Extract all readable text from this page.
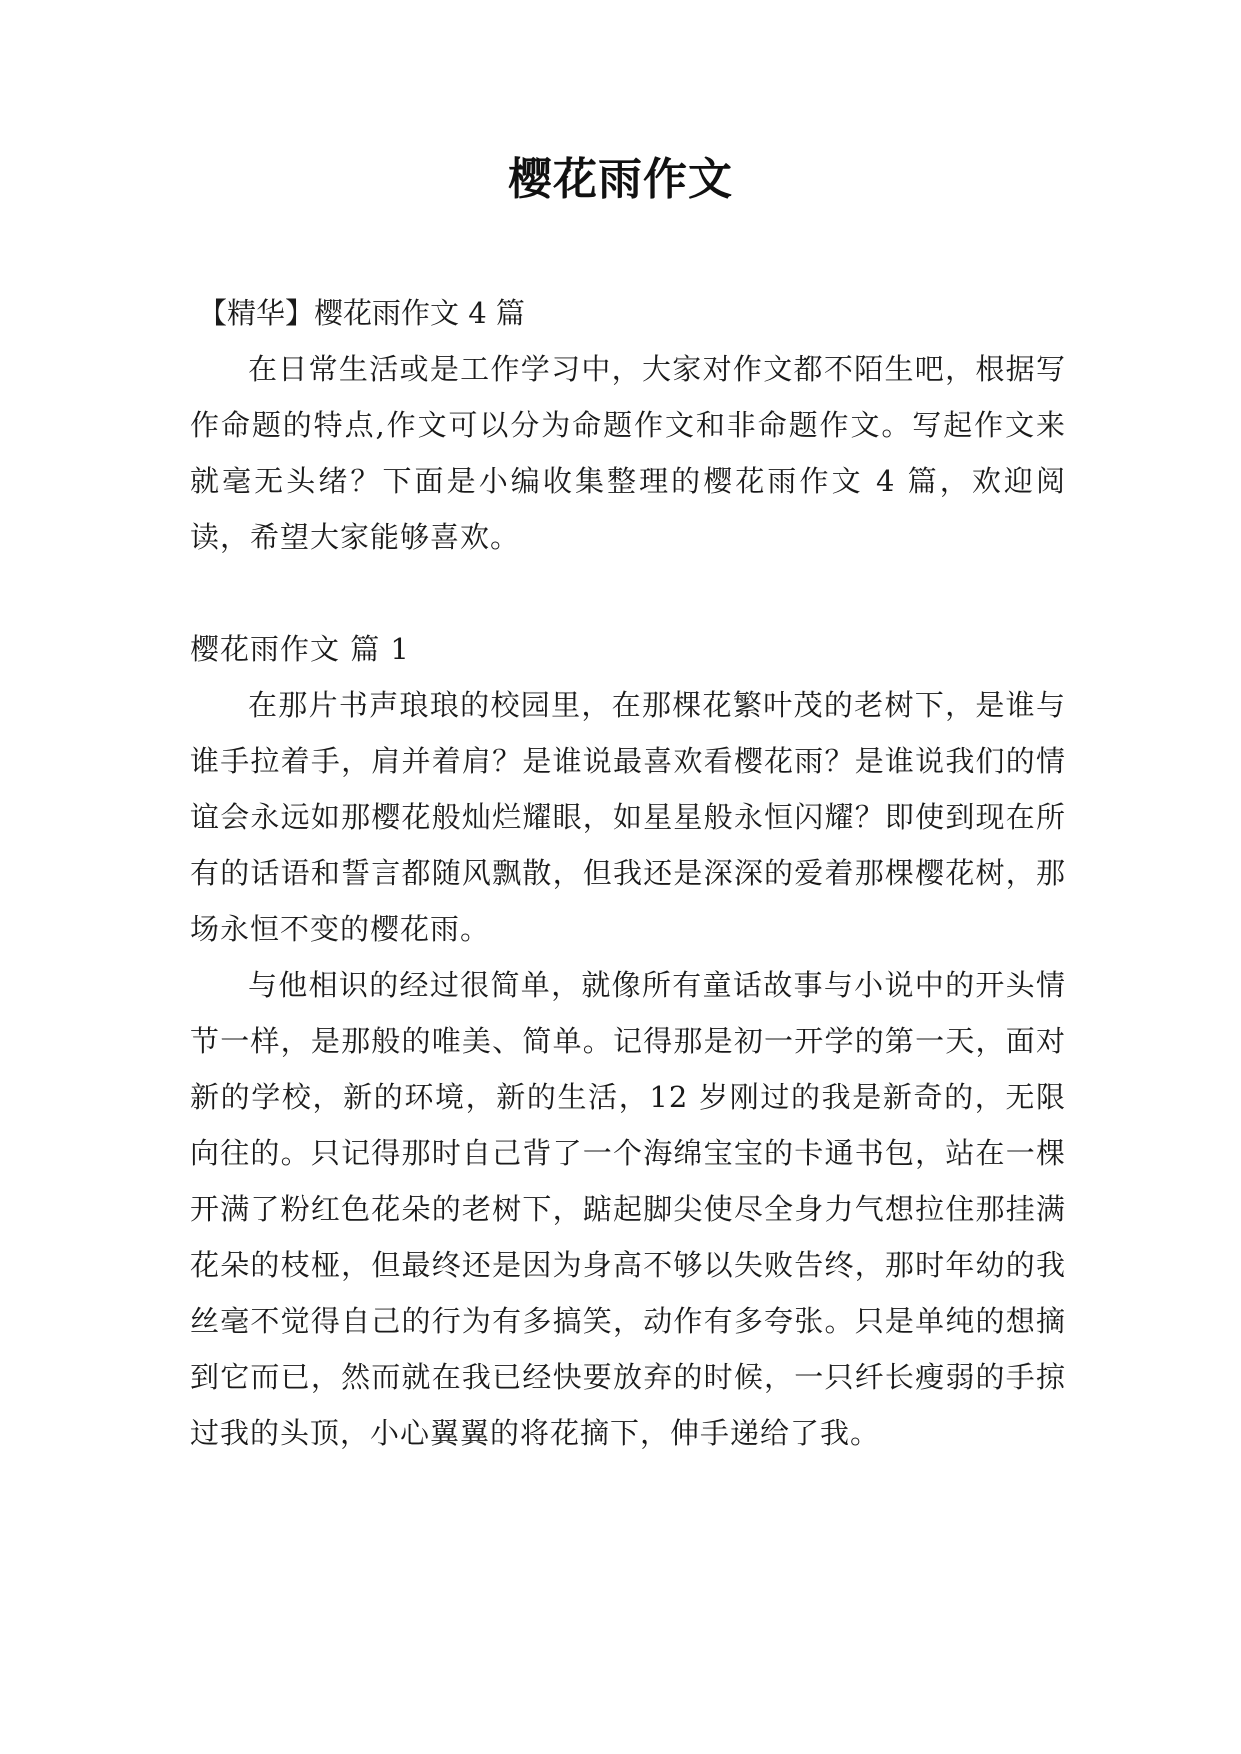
樱花雨作文

【精华】樱花雨作文 4 篇

在日常生活或是工作学习中，大家对作文都不陌生吧，根据写作命题的特点,作文可以分为命题作文和非命题作文。写起作文来就毫无头绪？下面是小编收集整理的樱花雨作文 4 篇，欢迎阅读，希望大家能够喜欢。

樱花雨作文 篇 1

在那片书声琅琅的校园里，在那棵花繁叶茂的老树下，是谁与谁手拉着手，肩并着肩？是谁说最喜欢看樱花雨？是谁说我们的情谊会永远如那樱花般灿烂耀眼，如星星般永恒闪耀？即使到现在所有的话语和誓言都随风飘散，但我还是深深的爱着那棵樱花树，那场永恒不变的樱花雨。

与他相识的经过很简单，就像所有童话故事与小说中的开头情节一样，是那般的唯美、简单。记得那是初一开学的第一天，面对新的学校，新的环境，新的生活，12 岁刚过的我是新奇的，无限向往的。只记得那时自己背了一个海绵宝宝的卡通书包，站在一棵开满了粉红色花朵的老树下，踮起脚尖使尽全身力气想拉住那挂满花朵的枝桠，但最终还是因为身高不够以失败告终，那时年幼的我丝毫不觉得自己的行为有多搞笑，动作有多夸张。只是单纯的想摘到它而已，然而就在我已经快要放弃的时候，一只纤长瘦弱的手掠过我的头顶，小心翼翼的将花摘下，伸手递给了我。
